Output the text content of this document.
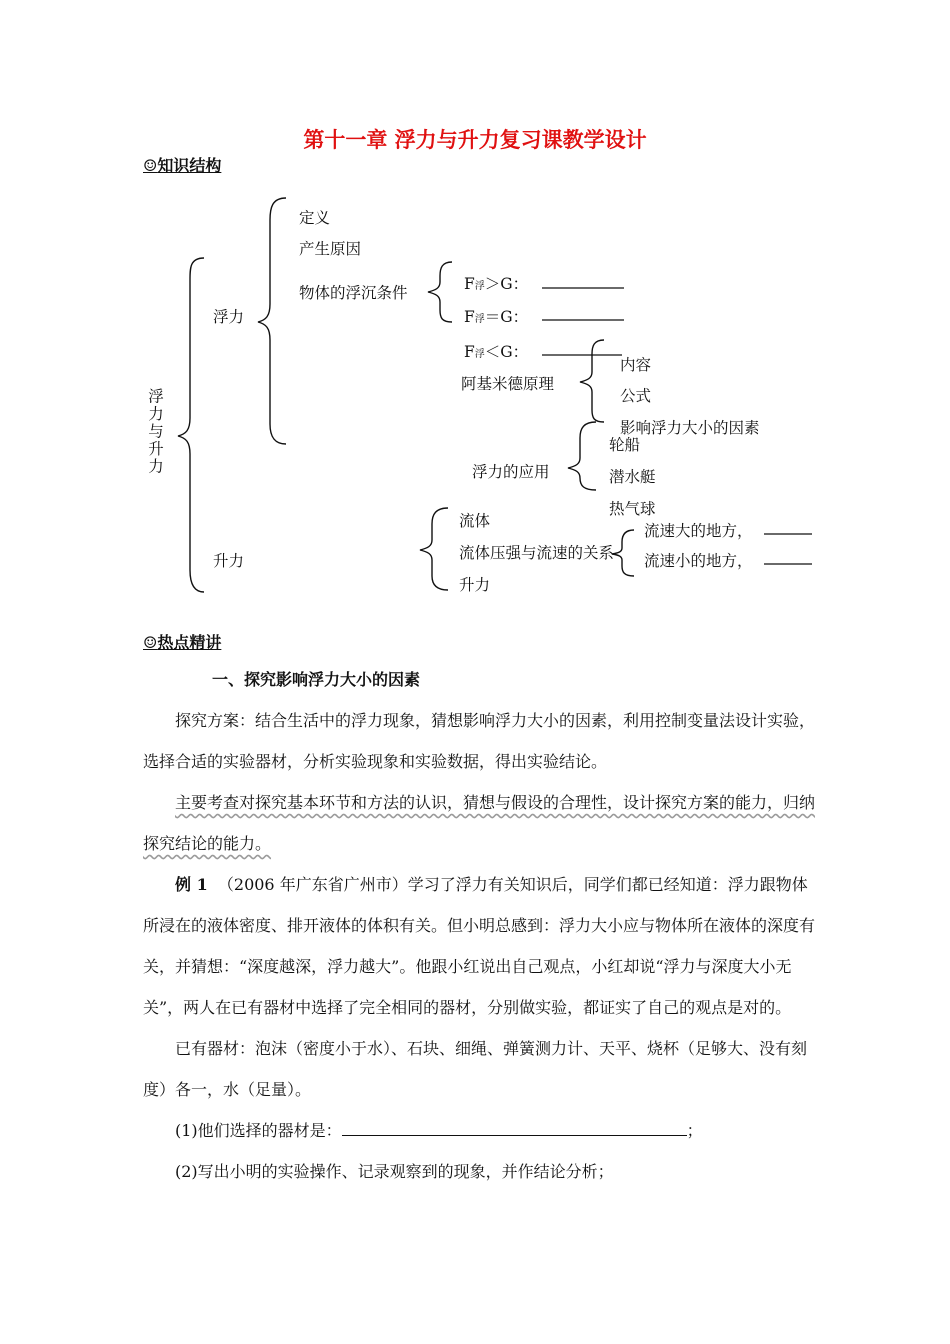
第十一章 浮力与升力复习课教学设计
☺知识结构
浮力与升力
浮力
定义
产生原因
物体的浮沉条件	F浮＞G：
F浮＝G：
F浮＜G：
阿基米德原理
内容
公式
影响浮力大小的因素
浮力的应用
轮船
潜水艇
热气球
升力
流体
流体压强与流速的关系
升力
流速大的地方，
流速小的地方，
☺热点精讲
一、探究影响浮力大小的因素

探究方案：结合生活中的浮力现象，猜想影响浮力大小的因素，利用控制变量法设计实验，选择合适的实验器材，分析实验现象和实验数据，得出实验结论。

主要考查对探究基本环节和方法的认识，猜想与假设的合理性，设计探究方案的能力，归纳探究结论的能力。

例 1 （2006 年广东省广州市）学习了浮力有关知识后，同学们都已经知道：浮力跟物体所浸在的液体密度、排开液体的体积有关。但小明总感到：浮力大小应与物体所在液体的深度有关，并猜想：“深度越深，浮力越大”。他跟小红说出自己观点，小红却说“浮力与深度大小无关”，两人在已有器材中选择了完全相同的器材，分别做实验，都证实了自己的观点是对的。

已有器材：泡沫（密度小于水）、石块、细绳、弹簧测力计、天平、烧杯（足够大、没有刻度）各一，水（足量）。

(1)他们选择的器材是：	；

(2)写出小明的实验操作、记录观察到的现象，并作结论分析；
